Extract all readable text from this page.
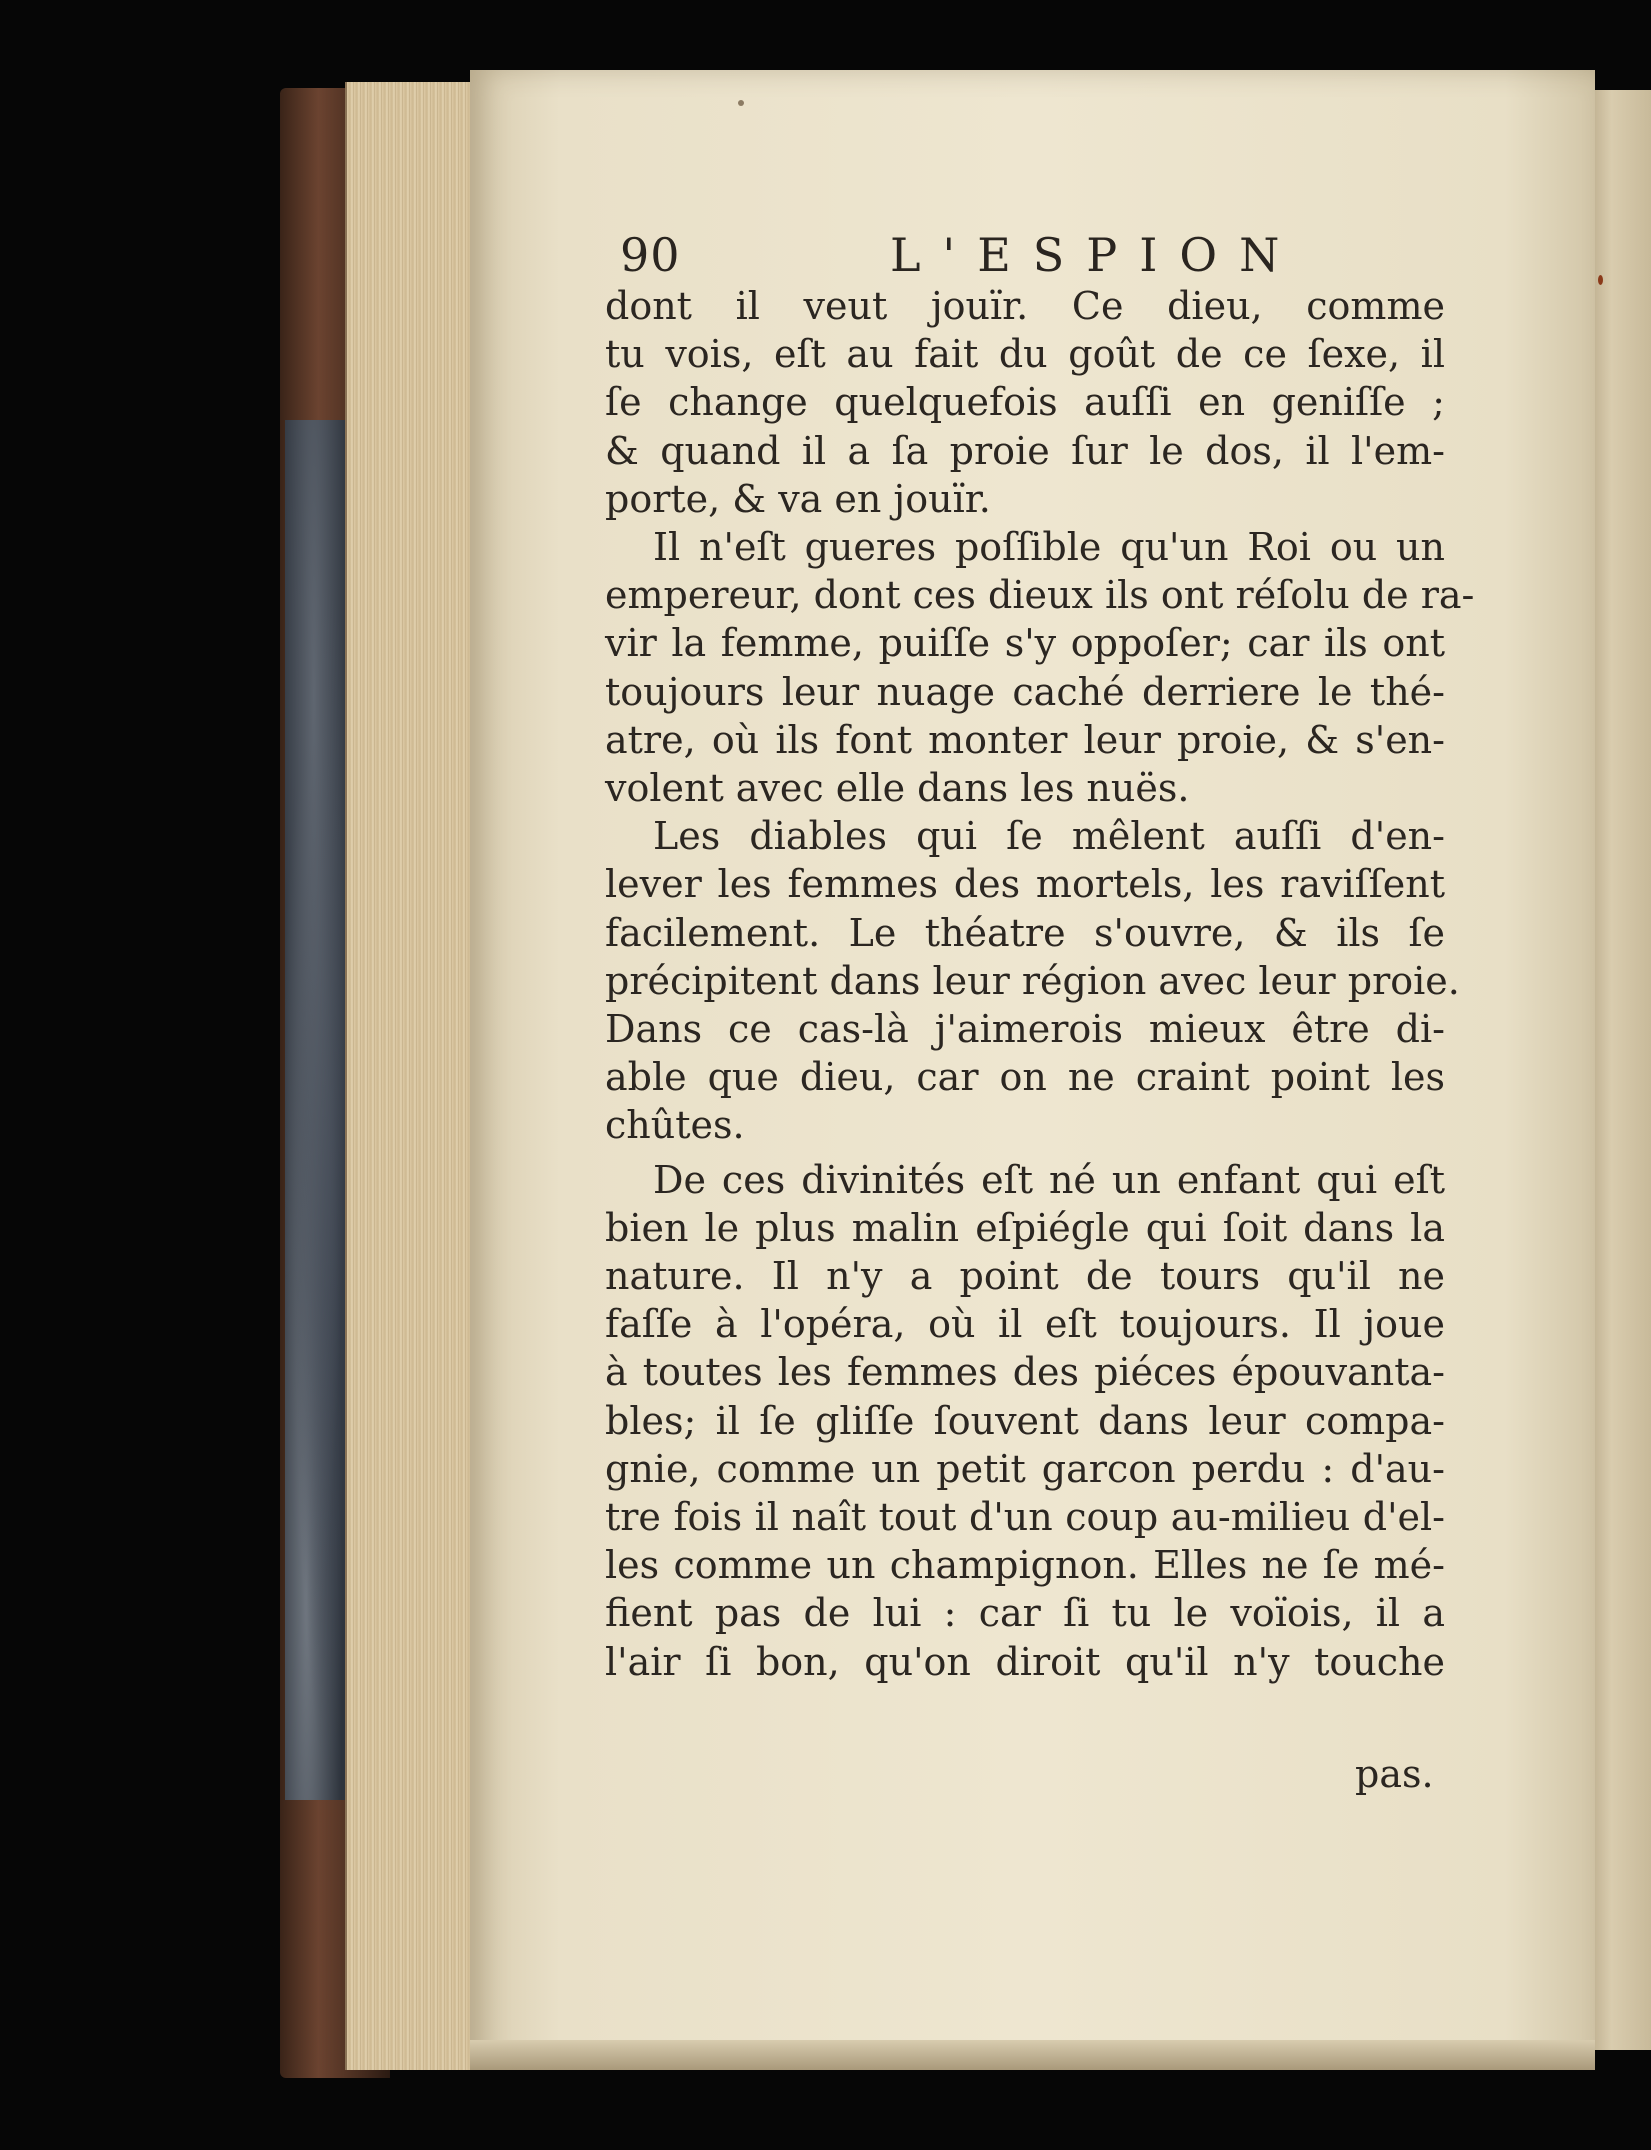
90	L'ESPION
dont il veut jouïr. Ce dieu, comme
tu vois, eſt au fait du goût de ce ſexe, il
ſe change quelquefois auſſi en geniſſe ;
& quand il a ſa proie ſur le dos, il l'em-
porte, & va en jouïr.
Il n'eſt gueres poſſible qu'un Roi ou un
empereur, dont ces dieux ils ont réſolu de ra-
vir la femme, puiſſe s'y oppoſer; car ils ont
toujours leur nuage caché derriere le thé-
atre, où ils font monter leur proie, & s'en-
volent avec elle dans les nuës.
Les diables qui ſe mêlent auſſi d'en-
lever les femmes des mortels, les raviſſent
facilement. Le théatre s'ouvre, & ils ſe
précipitent dans leur région avec leur proie.
Dans ce cas-là j'aimerois mieux être di-
able que dieu, car on ne craint point les
chûtes.
De ces divinités eſt né un enfant qui eſt
bien le plus malin eſpiégle qui ſoit dans la
nature. Il n'y a point de tours qu'il ne
faſſe à l'opéra, où il eſt toujours. Il joue
à toutes les femmes des piéces épouvanta-
bles; il ſe gliſſe ſouvent dans leur compa-
gnie, comme un petit garcon perdu : d'au-
tre fois il naît tout d'un coup au-milieu d'el-
les comme un champignon. Elles ne ſe mé-
fient pas de lui : car ſi tu le voïois, il a
l'air ſi bon, qu'on diroit qu'il n'y touche
pas.
